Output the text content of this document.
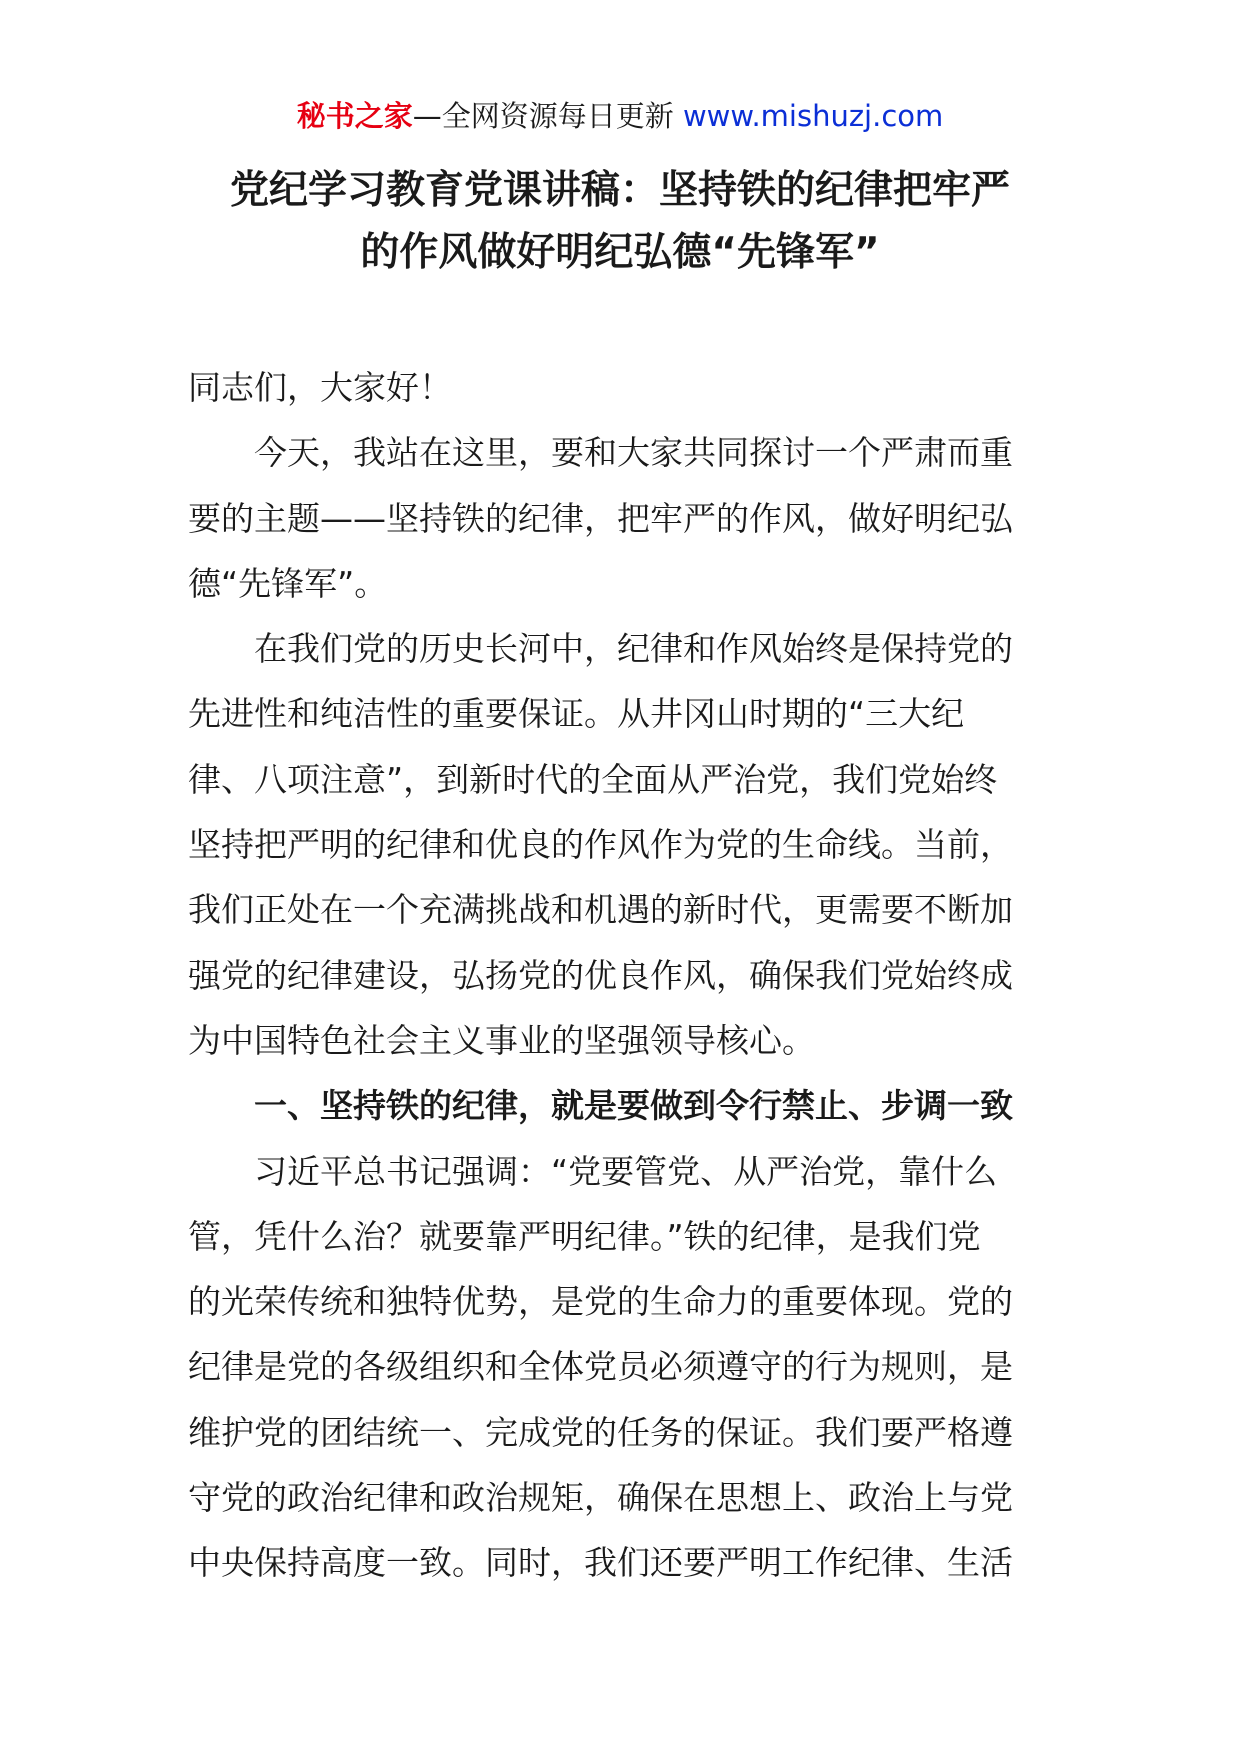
秘书之家—全网资源每日更新 www.mishuzj.com
党纪学习教育党课讲稿：坚持铁的纪律把牢严
的作风做好明纪弘德“先锋军”
同志们，大家好！
　　今天，我站在这里，要和大家共同探讨一个严肃而重
要的主题——坚持铁的纪律，把牢严的作风，做好明纪弘
德“先锋军”。
　　在我们党的历史长河中，纪律和作风始终是保持党的
先进性和纯洁性的重要保证。从井冈山时期的“三大纪
律、八项注意”，到新时代的全面从严治党，我们党始终
坚持把严明的纪律和优良的作风作为党的生命线。当前，
我们正处在一个充满挑战和机遇的新时代，更需要不断加
强党的纪律建设，弘扬党的优良作风，确保我们党始终成
为中国特色社会主义事业的坚强领导核心。
　　一、坚持铁的纪律，就是要做到令行禁止、步调一致
　　习近平总书记强调：“党要管党、从严治党，靠什么
管，凭什么治？就要靠严明纪律。”铁的纪律，是我们党
的光荣传统和独特优势，是党的生命力的重要体现。党的
纪律是党的各级组织和全体党员必须遵守的行为规则，是
维护党的团结统一、完成党的任务的保证。我们要严格遵
守党的政治纪律和政治规矩，确保在思想上、政治上与党
中央保持高度一致。同时，我们还要严明工作纪律、生活
